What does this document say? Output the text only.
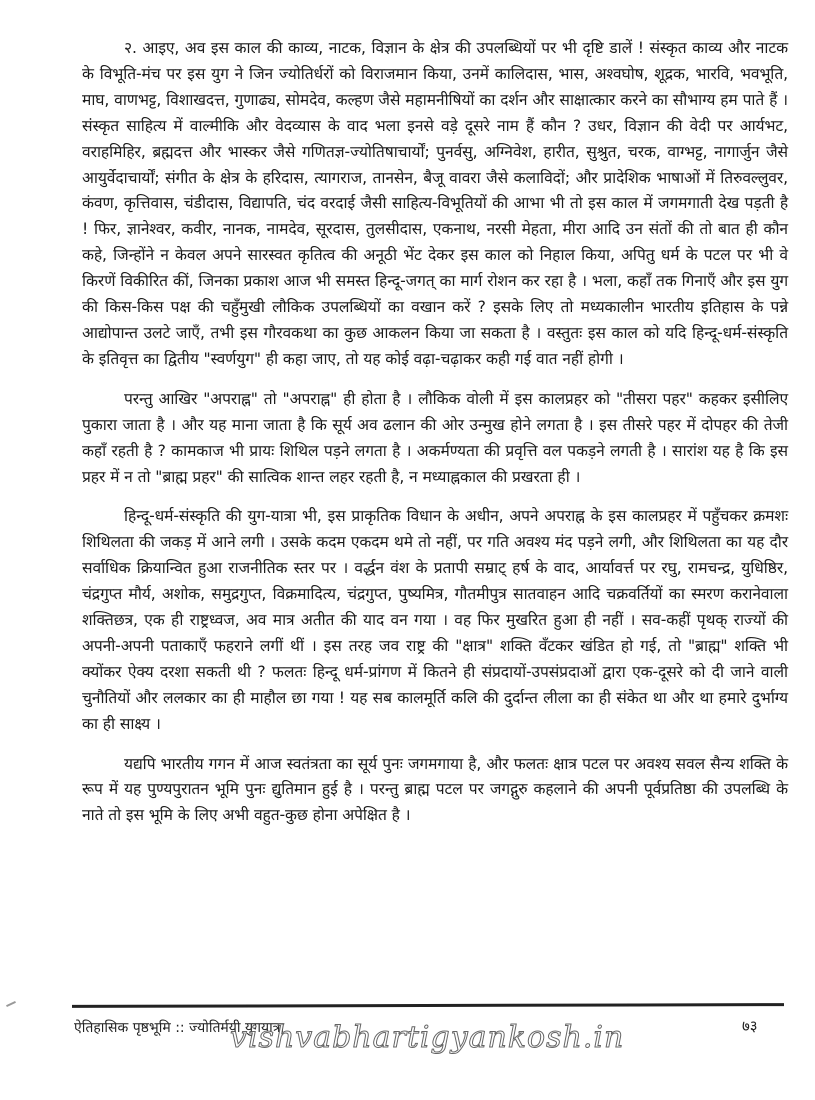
२. आइए, अव इस काल की काव्य, नाटक, विज्ञान के क्षेत्र की उपलब्धियों पर भी दृष्टि डालें ! संस्कृत काव्य और नाटक के विभूति-मंच पर इस युग ने जिन ज्योतिर्धरों को विराजमान किया, उनमें कालिदास, भास, अश्वघोष, शूद्रक, भारवि, भवभूति, माघ, वाणभट्ट, विशाखदत्त, गुणाढ्य, सोमदेव, कल्हण जैसे महामनीषियों का दर्शन और साक्षात्कार करने का सौभाग्य हम पाते हैं । संस्कृत साहित्य में वाल्मीकि और वेदव्यास के वाद भला इनसे वड़े दूसरे नाम हैं कौन ? उधर, विज्ञान की वेदी पर आर्यभट, वराहमिहिर, ब्रह्मदत्त और भास्कर जैसे गणितज्ञ-ज्योतिषाचार्यों; पुनर्वसु, अग्निवेश, हारीत, सुश्रुत, चरक, वाग्भट्ट, नागार्जुन जैसे आयुर्वेदाचार्यों; संगीत के क्षेत्र के हरिदास, त्यागराज, तानसेन, बैजू वावरा जैसे कलाविदों; और प्रादेशिक भाषाओं में तिरुवल्लुवर, कंवण, कृत्तिवास, चंडीदास, विद्यापति, चंद वरदाई जैसी साहित्य-विभूतियों की आभा भी तो इस काल में जगमगाती देख पड़ती है ! फिर, ज्ञानेश्वर, कवीर, नानक, नामदेव, सूरदास, तुलसीदास, एकनाथ, नरसी मेहता, मीरा आदि उन संतों की तो बात ही कौन कहे, जिन्होंने न केवल अपने सारस्वत कृतित्व की अनूठी भेंट देकर इस काल को निहाल किया, अपितु धर्म के पटल पर भी वे किरणें विकीरित कीं, जिनका प्रकाश आज भी समस्त हिन्दू-जगत् का मार्ग रोशन कर रहा है । भला, कहाँ तक गिनाएँ और इस युग की किस-किस पक्ष की चहुँमुखी लौकिक उपलब्धियों का वखान करें ? इसके लिए तो मध्यकालीन भारतीय इतिहास के पन्ने आद्योपान्त उलटे जाएँ, तभी इस गौरवकथा का कुछ आकलन किया जा सकता है । वस्तुतः इस काल को यदि हिन्दू-धर्म-संस्कृति के इतिवृत्त का द्वितीय "स्वर्णयुग" ही कहा जाए, तो यह कोई वढ़ा-चढ़ाकर कही गई वात नहीं होगी ।

परन्तु आखिर "अपराह्न" तो "अपराह्न" ही होता है । लौकिक वोली में इस कालप्रहर को "तीसरा पहर" कहकर इसीलिए पुकारा जाता है । और यह माना जाता है कि सूर्य अव ढलान की ओर उन्मुख होने लगता है । इस तीसरे पहर में दोपहर की तेजी कहाँ रहती है ? कामकाज भी प्रायः शिथिल पड़ने लगता है । अकर्मण्यता की प्रवृत्ति वल पकड़ने लगती है । सारांश यह है कि इस प्रहर में न तो "ब्राह्म प्रहर" की सात्विक शान्त लहर रहती है, न मध्याह्नकाल की प्रखरता ही ।

हिन्दू-धर्म-संस्कृति की युग-यात्रा भी, इस प्राकृतिक विधान के अधीन, अपने अपराह्न के इस कालप्रहर में पहुँचकर क्रमशः शिथिलता की जकड़ में आने लगी । उसके कदम एकदम थमे तो नहीं, पर गति अवश्य मंद पड़ने लगी, और शिथिलता का यह दौर सर्वाधिक क्रियान्वित हुआ राजनीतिक स्तर पर । वर्द्धन वंश के प्रतापी सम्राट् हर्ष के वाद, आर्यावर्त्त पर रघु, रामचन्द्र, युधिष्ठिर, चंद्रगुप्त मौर्य, अशोक, समुद्रगुप्त, विक्रमादित्य, चंद्रगुप्त, पुष्यमित्र, गौतमीपुत्र सातवाहन आदि चक्रवर्तियों का स्मरण करानेवाला शक्तिछत्र, एक ही राष्ट्रध्वज, अव मात्र अतीत की याद वन गया । वह फिर मुखरित हुआ ही नहीं । सव-कहीं पृथक् राज्यों की अपनी-अपनी पताकाएँ फहराने लगीं थीं । इस तरह जव राष्ट्र की "क्षात्र" शक्ति वँटकर खंडित हो गई, तो "ब्राह्म" शक्ति भी क्योंकर ऐक्य दरशा सकती थी ? फलतः हिन्दू धर्म-प्रांगण में कितने ही संप्रदायों-उपसंप्रदाओं द्वारा एक-दूसरे को दी जाने वाली चुनौतियों और ललकार का ही माहौल छा गया ! यह सब कालमूर्ति कलि की दुर्दान्त लीला का ही संकेत था और था हमारे दुर्भाग्य का ही साक्ष्य ।

यद्यपि भारतीय गगन में आज स्वतंत्रता का सूर्य पुनः जगमगाया है, और फलतः क्षात्र पटल पर अवश्य सवल सैन्य शक्ति के रूप में यह पुण्यपुरातन भूमि पुनः द्युतिमान हुई है । परन्तु ब्राह्म पटल पर जगद्गुरु कहलाने की अपनी पूर्वप्रतिष्ठा की उपलब्धि के नाते तो इस भूमि के लिए अभी वहुत-कुछ होना अपेक्षित है ।

ऐतिहासिक पृष्ठभूमि :: ज्योतिर्मयी युगयात्रा
vishvabhartigyankosh.in	७३
